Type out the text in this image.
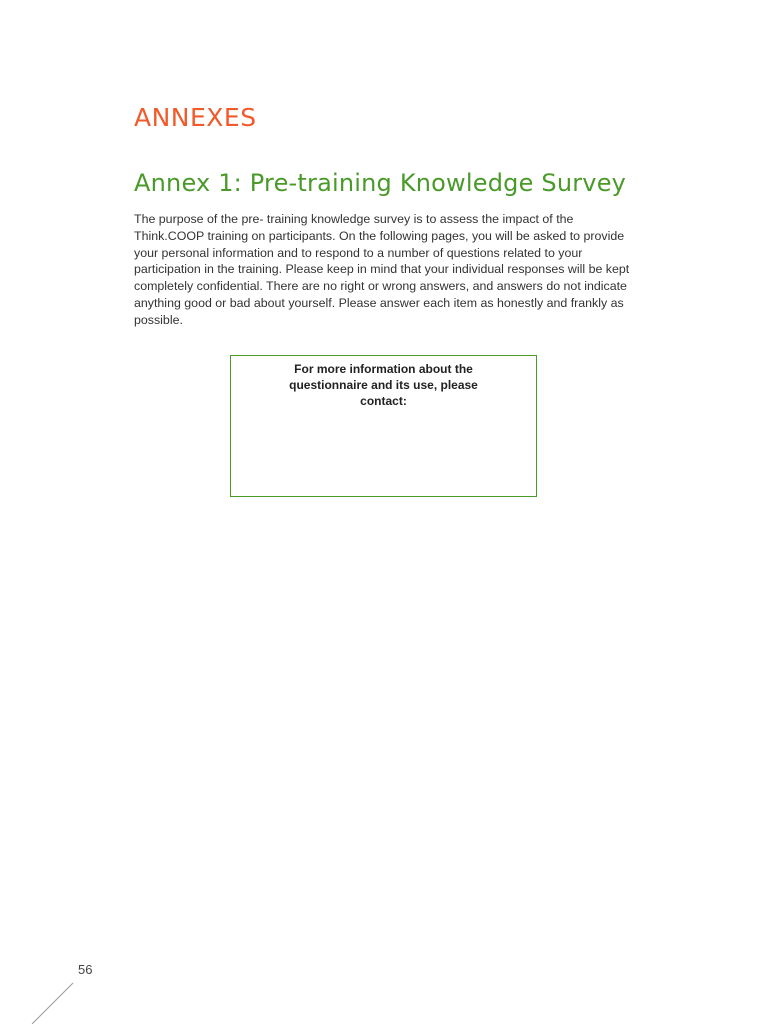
ANNEXES
Annex 1: Pre-training Knowledge Survey

The purpose of the pre- training knowledge survey is to assess the impact of the Think.COOP training on participants. On the following pages, you will be asked to provide your personal information and to respond to a number of questions related to your participation in the training. Please keep in mind that your individual responses will be kept completely confidential. There are no right or wrong answers, and answers do not indicate anything good or bad about yourself. Please answer each item as honestly and frankly as possible.

For more information about the questionnaire and its use, please contact:
56
